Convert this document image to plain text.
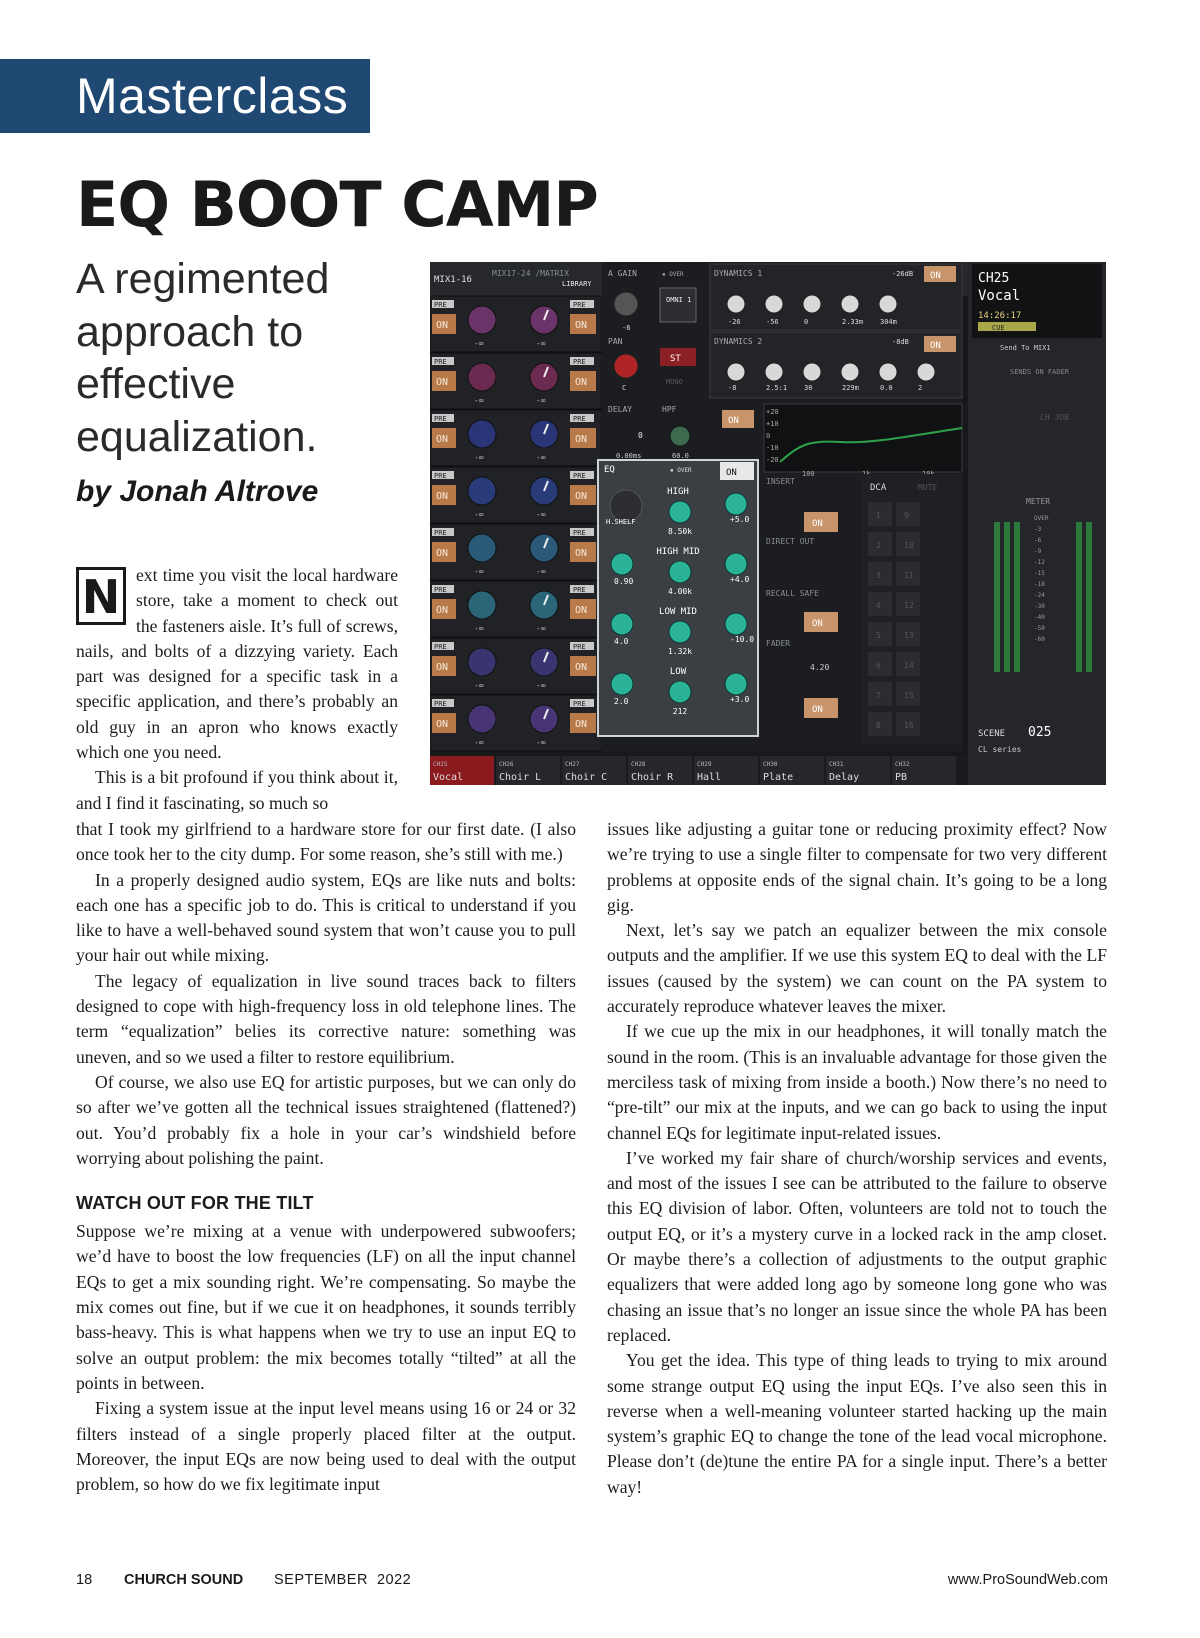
Masterclass
EQ BOOT CAMP

A regimented approach to effective equalization.

by Jonah Altrove
MIX1-16
MIX17-24 /MATRIX
LIBRARY
PRE
ON
PRE
ON
-∞	-∞
PRE
ON
PRE
ON
-∞	-∞
PRE
ON
PRE
ON
-∞	-∞
PRE
ON
PRE
ON
-∞	-∞
PRE
ON
PRE
ON
-∞	-∞
PRE
ON
PRE
ON
-∞	-∞
PRE
ON
PRE
ON
-∞	-∞
PRE
ON
PRE
ON
-∞	-∞
A GAIN	▪ OVER
-6
OMNI 1
DYNAMICS 1	-26dB ON
-26	-56	0	2.33m 304m
PAN
C
ST
MONO
DYNAMICS 2	-8dB ON
-8	2.5:1 30	229m	0.0	2
DELAY
0
0.00ms
HPF
60.0
ON
+20
+10
0
-10
-20
100
EQ	▪ OVER	ON
HIGH
8.50k
+5.0
H.SHELF
HIGH MID
4.00k
+4.0
0.90
LOW MID
1.32k
-10.0
4.0
LOW
212
+3.0
2.0
INSERT
DIRECT OUT
RECALL SAFE
FADER
ON
ON
ON
4.20
DCA	MUTE
1	9
2	10
3	11
4	12
5	13
6	14
7	15
8	16
CH25
Vocal
14:26:17
CUE
Send To MIX1
SENDS ON FADER
CH JOB
METER
OVER
-3
-6
-9
-12
-15
-18
-24
-30
-40
-50
-60
SCENE 025
CL series
CH25
Vocal
CH26
Choir L
CH27
Choir C
CH28
Choir R
CH29
Hall
CH30
Plate
CH31
Delay
CH32
PB
N ext time you visit the local hardware store, take a moment to check out the fasteners aisle. It’s full of screws, nails, and bolts of a dizzying variety. Each part was designed for a specific task in a specific application, and there’s probably an old guy in an apron who knows exactly which one you need.

This is a bit profound if you think about it, and I find it fascinating, so much so

that I took my girlfriend to a hardware store for our first date. (I also once took her to the city dump. For some reason, she’s still with me.)

In a properly designed audio system, EQs are like nuts and bolts: each one has a specific job to do. This is critical to understand if you like to have a well-behaved sound system that won’t cause you to pull your hair out while mixing.

The legacy of equalization in live sound traces back to filters designed to cope with high-frequency loss in old telephone lines. The term “equalization” belies its corrective nature: something was uneven, and so we used a filter to restore equilibrium.

Of course, we also use EQ for artistic purposes, but we can only do so after we’ve gotten all the technical issues straightened (flattened?) out. You’d probably fix a hole in your car’s windshield before worrying about polishing the paint.

WATCH OUT FOR THE TILT

Suppose we’re mixing at a venue with underpowered subwoofers; we’d have to boost the low frequencies (LF) on all the input channel EQs to get a mix sounding right. We’re compensating. So maybe the mix comes out fine, but if we cue it on headphones, it sounds terribly bass-heavy. This is what happens when we try to use an input EQ to solve an output problem: the mix becomes totally “tilted” at all the points in between.

Fixing a system issue at the input level means using 16 or 24 or 32 filters instead of a single properly placed filter at the output. Moreover, the input EQs are now being used to deal with the output problem, so how do we fix legitimate input

issues like adjusting a guitar tone or reducing proximity effect? Now we’re trying to use a single filter to compensate for two very different problems at opposite ends of the signal chain. It’s going to be a long gig.

Next, let’s say we patch an equalizer between the mix console outputs and the amplifier. If we use this system EQ to deal with the LF issues (caused by the system) we can count on the PA system to accurately reproduce whatever leaves the mixer.

If we cue up the mix in our headphones, it will tonally match the sound in the room. (This is an invaluable advantage for those given the merciless task of mixing from inside a booth.) Now there’s no need to “pre-tilt” our mix at the inputs, and we can go back to using the input channel EQs for legitimate input-related issues.

I’ve worked my fair share of church/worship services and events, and most of the issues I see can be attributed to the failure to observe this EQ division of labor. Often, volunteers are told not to touch the output EQ, or it’s a mystery curve in a locked rack in the amp closet. Or maybe there’s a collection of adjustments to the output graphic equalizers that were added long ago by someone long gone who was chasing an issue that’s no longer an issue since the whole PA has been replaced.

You get the idea. This type of thing leads to trying to mix around some strange output EQ using the input EQs. I’ve also seen this in reverse when a well-meaning volunteer started hacking up the main system’s graphic EQ to change the tone of the lead vocal microphone. Please don’t (de)tune the entire PA for a single input. There’s a better way!

18 CHURCH SOUND SEPTEMBER  2022	www.ProSoundWeb.com
